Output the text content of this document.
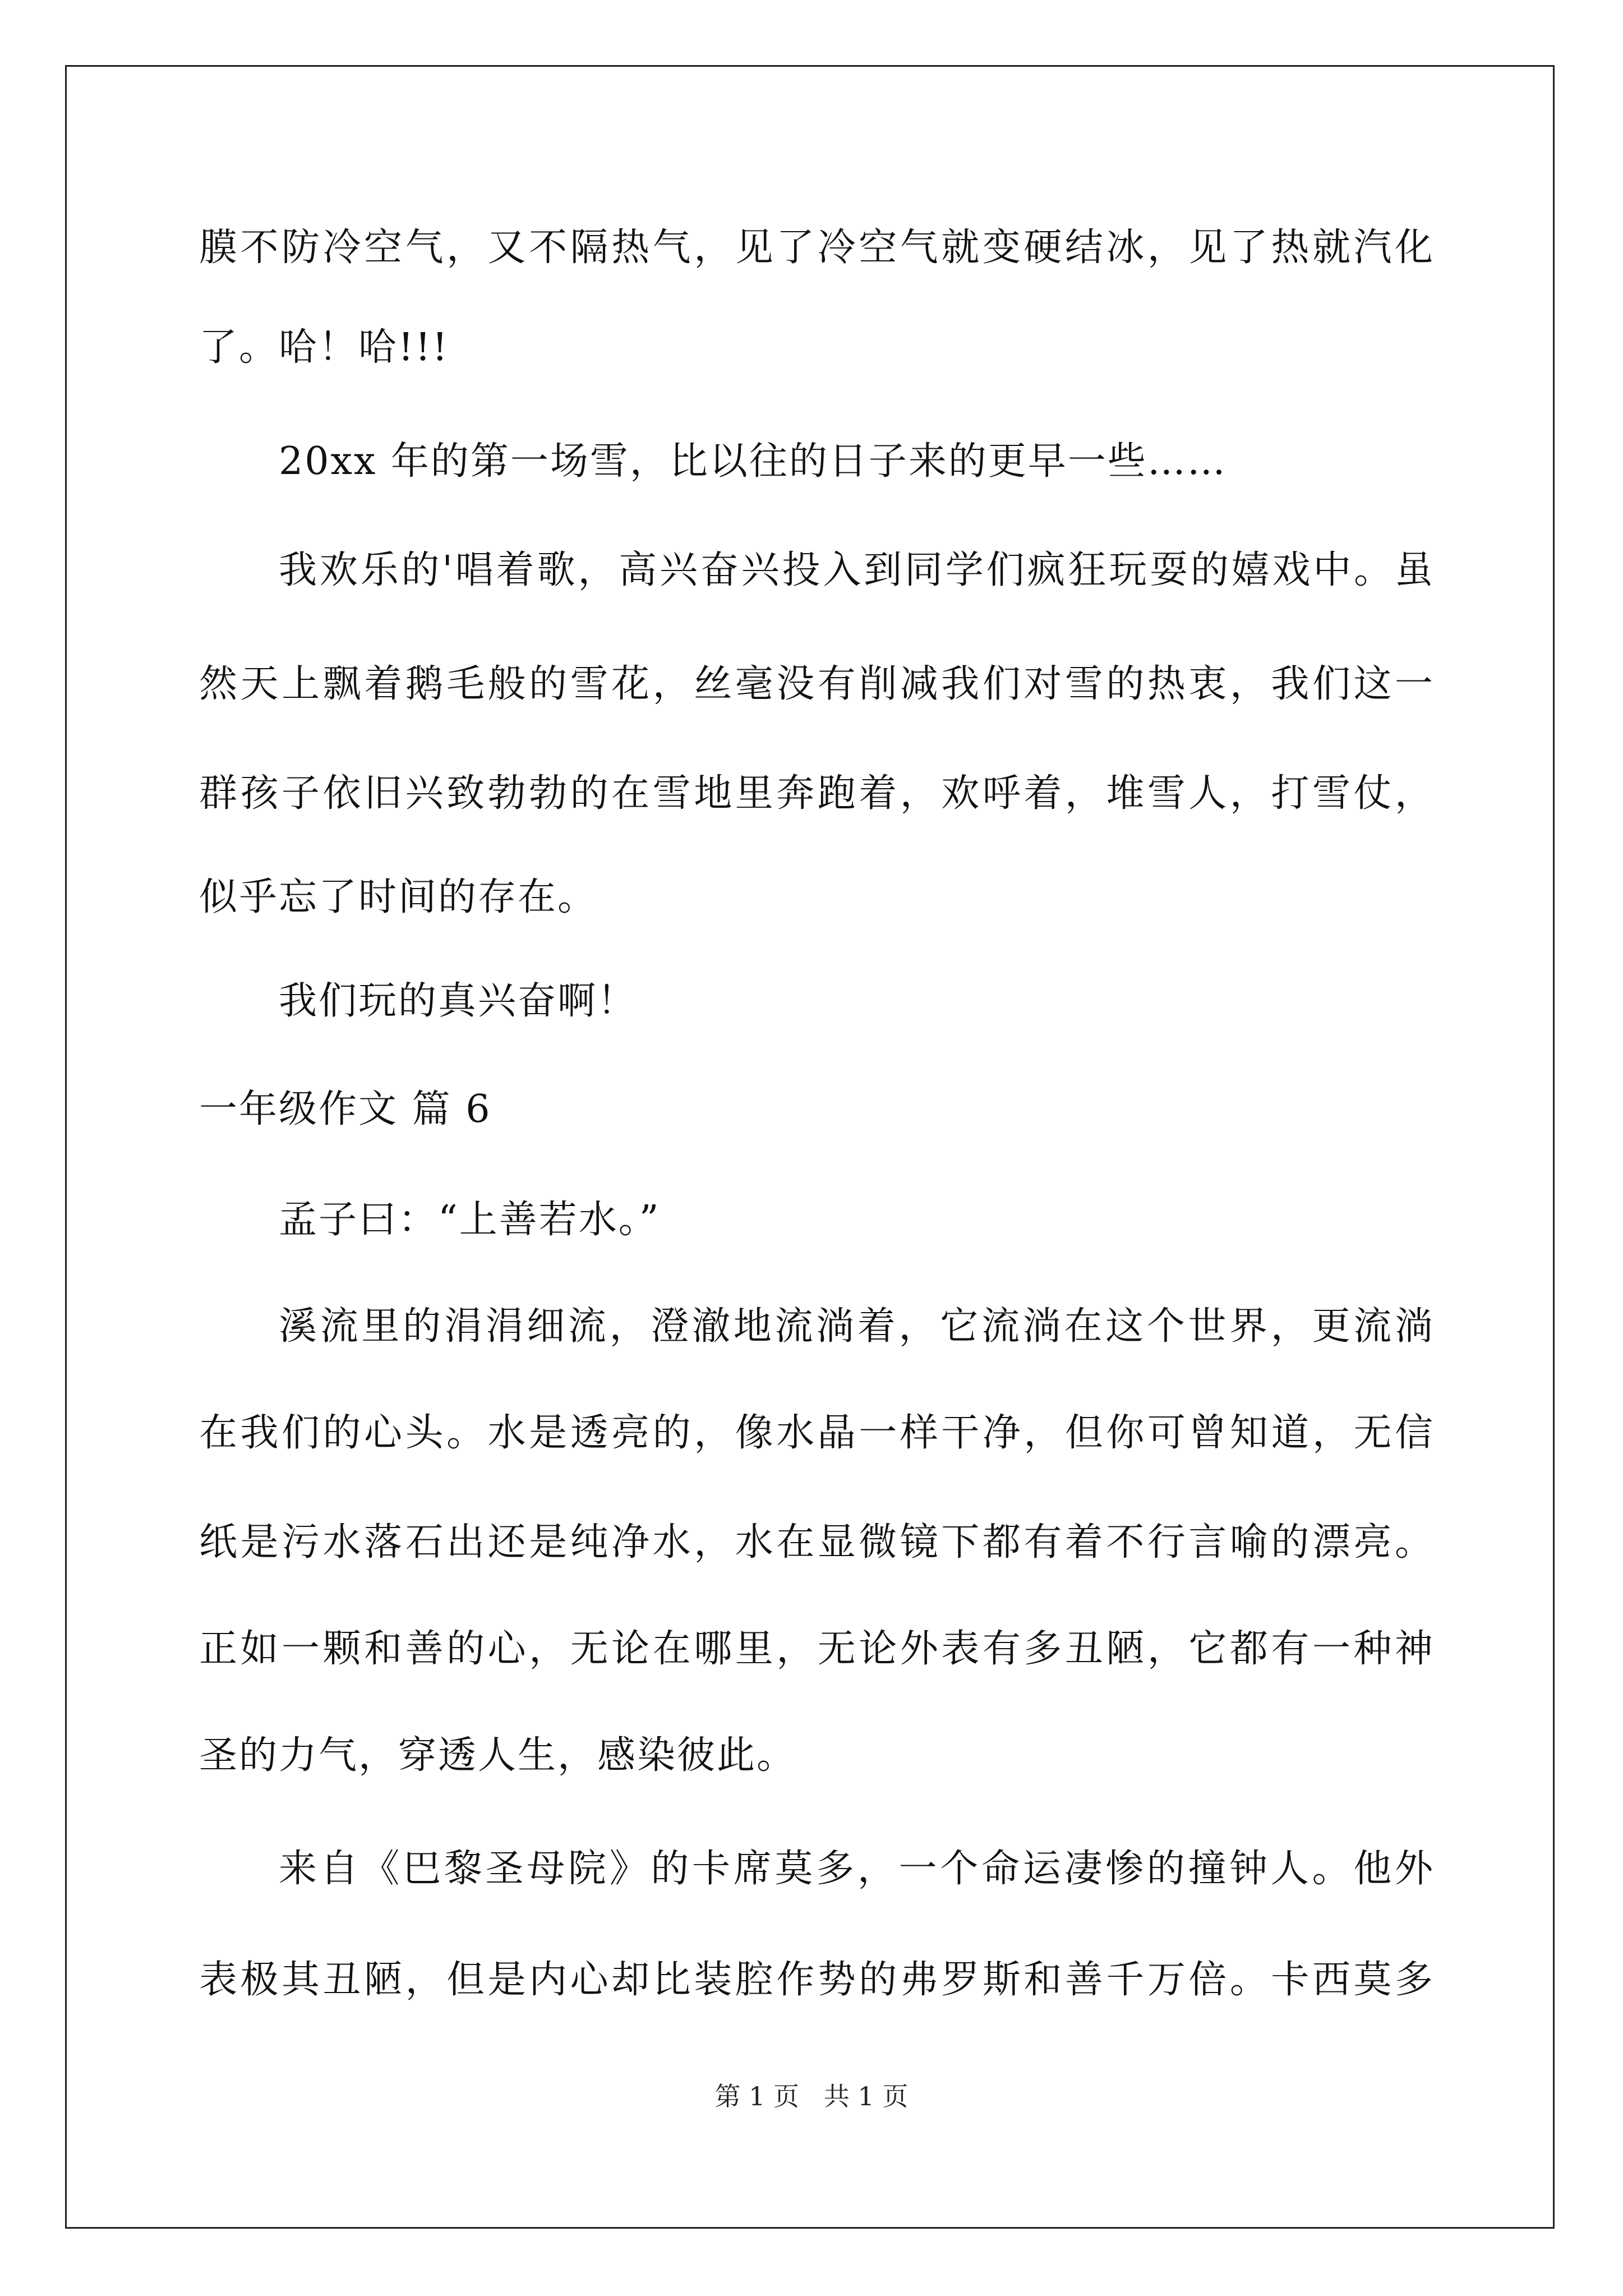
膜不防冷空气，又不隔热气，见了冷空气就变硬结冰，见了热就汽化
了。哈！哈!!!
20xx 年的第一场雪，比以往的日子来的更早一些……
我欢乐的'唱着歌，高兴奋兴投入到同学们疯狂玩耍的嬉戏中。虽
然天上飘着鹅毛般的雪花，丝毫没有削减我们对雪的热衷，我们这一
群孩子依旧兴致勃勃的在雪地里奔跑着，欢呼着，堆雪人，打雪仗，
似乎忘了时间的存在。
我们玩的真兴奋啊！
一年级作文 篇 6
孟子曰：“上善若水。”
溪流里的涓涓细流，澄澈地流淌着，它流淌在这个世界，更流淌
在我们的心头。水是透亮的，像水晶一样干净，但你可曾知道，无信
纸是污水落石出还是纯净水，水在显微镜下都有着不行言喻的漂亮。
正如一颗和善的心，无论在哪里，无论外表有多丑陋，它都有一种神
圣的力气，穿透人生，感染彼此。
来自《巴黎圣母院》的卡席莫多，一个命运凄惨的撞钟人。他外
表极其丑陋，但是内心却比装腔作势的弗罗斯和善千万倍。卡西莫多
第 1 页   共 1 页
